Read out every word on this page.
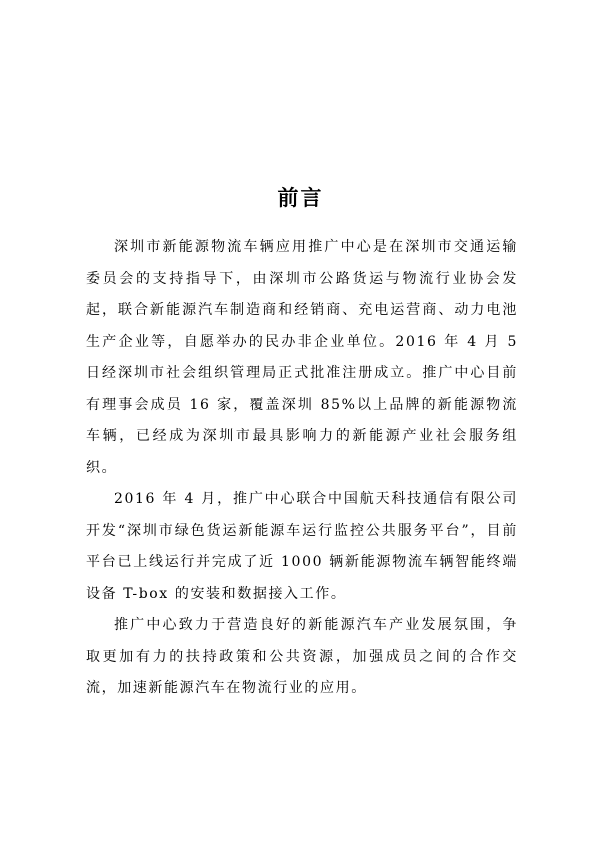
前言

深圳市新能源物流车辆应用推广中心是在深圳市交通运输委员会的支持指导下，由深圳市公路货运与物流行业协会发起，联合新能源汽车制造商和经销商、充电运营商、动力电池生产企业等，自愿举办的民办非企业单位。2016 年 4 月 5 日经深圳市社会组织管理局正式批准注册成立。推广中心目前有理事会成员 16 家，覆盖深圳 85%以上品牌的新能源物流车辆，已经成为深圳市最具影响力的新能源产业社会服务组织。

2016 年 4 月，推广中心联合中国航天科技通信有限公司开发“深圳市绿色货运新能源车运行监控公共服务平台”，目前平台已上线运行并完成了近 1000 辆新能源物流车辆智能终端设备 T-box 的安装和数据接入工作。

推广中心致力于营造良好的新能源汽车产业发展氛围，争取更加有力的扶持政策和公共资源，加强成员之间的合作交流，加速新能源汽车在物流行业的应用。
